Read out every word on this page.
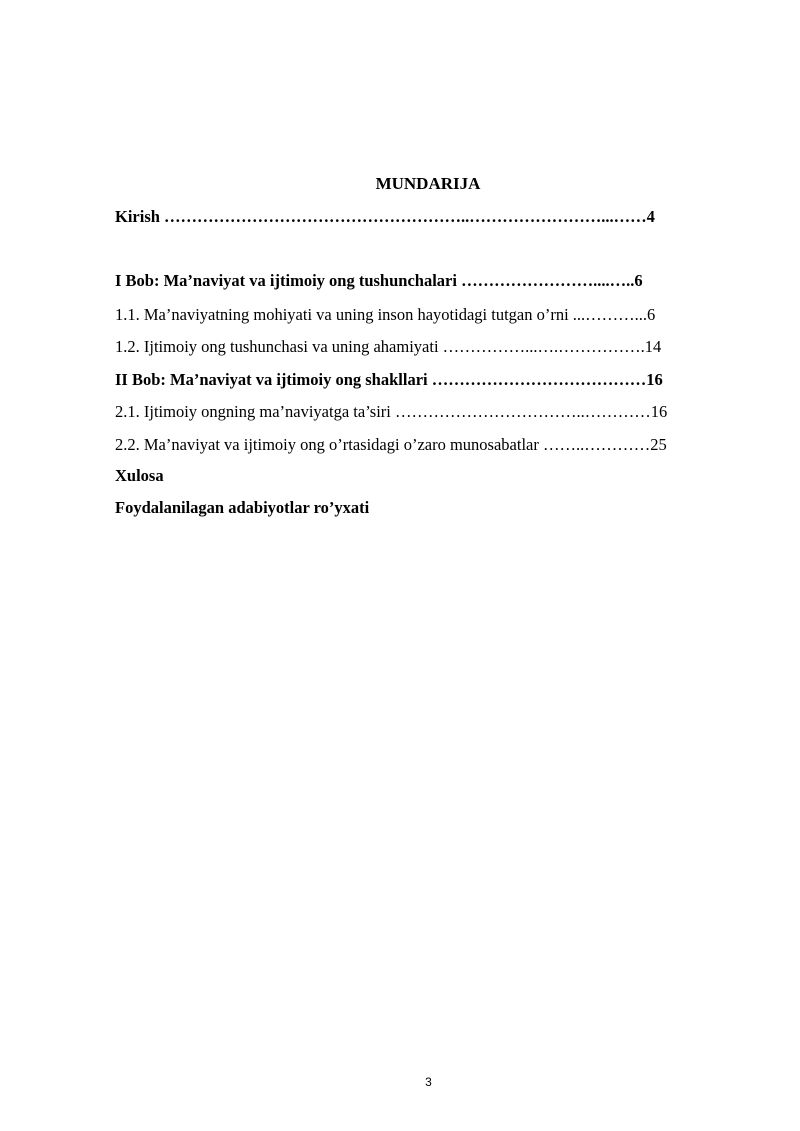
MUNDARIJA
Kirish ………………………………………………..……………………...……4
I Bob: Ma’naviyat va ijtimoiy ong tushunchalari ……………………....…..6
1.1. Ma’naviyatning mohiyati va uning inson hayotidagi tutgan o’rni ...………...6
1.2. Ijtimoiy ong tushunchasi va uning ahamiyati ……………...….…………….14
II Bob: Ma’naviyat va ijtimoiy ong shakllari …………………………………16
2.1. Ijtimoiy ongning ma’naviyatga ta’siri ……………………………..…………16
2.2. Ma’naviyat va ijtimoiy ong o’rtasidagi o’zaro munosabatlar ……..…………25
Xulosa
Foydalanilagan adabiyotlar ro’yxati
3
